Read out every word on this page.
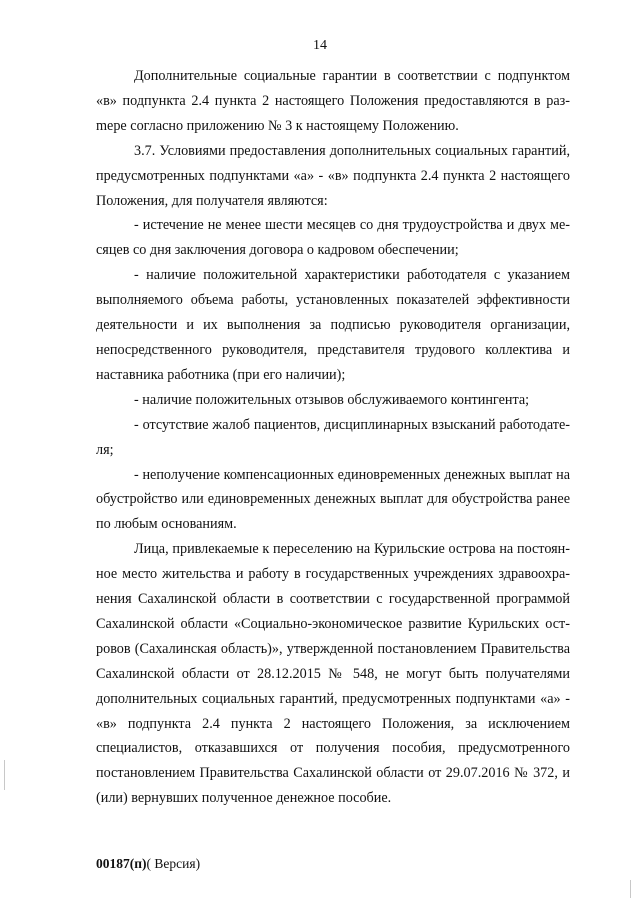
14

Дополнительные социальные гарантии в соответствии с подпунктом «в» подпункта 2.4 пункта 2 настоящего Положения предоставляются в разmере согласно приложению № 3 к настоящему Положению.

3.7. Условиями предоставления дополнительных социальных гарантий, предусмотренных подпунктами «а» - «в» подпункта 2.4 пункта 2 настоящего Положения, для получателя являются:

- истечение не менее шести месяцев со дня трудоустройства и двух месяцев со дня заключения договора о кадровом обеспечении;

- наличие положительной характеристики работодателя с указанием выполняемого объема работы, установленных показателей эффективности деятельности и их выполнения за подписью руководителя организации, непосредственного руководителя, представителя трудового коллектива и наставника работника (при его наличии);

- наличие положительных отзывов обслуживаемого контингента;

- отсутствие жалоб пациентов, дисциплинарных взысканий работодателя;

- неполучение компенсационных единовременных денежных выплат на обустройство или единовременных денежных выплат для обустройства ранее по любым основаниям.

Лица, привлекаемые к переселению на Курильские острова на постоянное место жительства и работу в государственных учреждениях здравоохранения Сахалинской области в соответствии с государственной программой Сахалинской области «Социально-экономическое развитие Курильских островов (Сахалинская область)», утвержденной постановлением Правительства Сахалинской области от 28.12.2015 № 548, не могут быть получателями дополнительных социальных гарантий, предусмотренных подпунктами «а» - «в» подпункта 2.4 пункта 2 настоящего Положения, за исключением специалистов, отказавшихся от получения пособия, предусмотренного постановлением Правительства Сахалинской области от 29.07.2016 № 372, и (или) вернувших полученное денежное пособие.

00187(п)( Версия)
